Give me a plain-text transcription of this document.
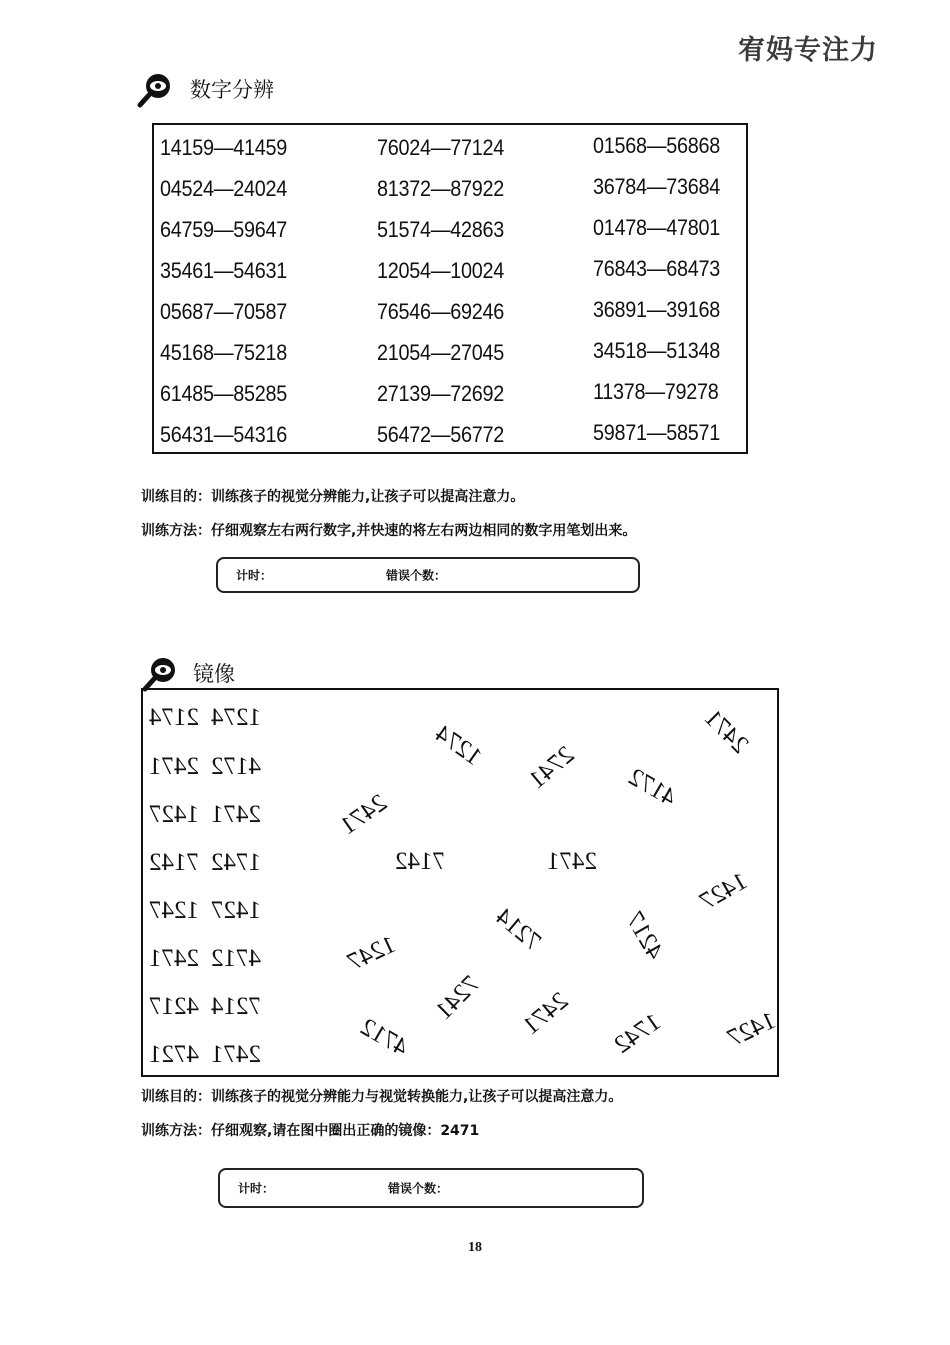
宥妈专注力
数字分辨
14159—41459	76024—77124	01568—56868
04524—24024	81372—87922	36784—73684
64759—59647	51574—42863	01478—47801
35461—54631	12054—10024	76843—68473
05687—70587	76546—69246	36891—39168
45168—75218	21054—27045	34518—51348
61485—85285	27139—72692	11378—79278
56431—54316	56472—56772	59871—58571
训练目的：训练孩子的视觉分辨能力,让孩子可以提高注意力。
训练方法：仔细观察左右两行数字,并快速的将左右两边相同的数字用笔划出来。
计时：	错误个数：
镜像
2174 1274
2471 4172
1427 2471
7142 1742
1247 1427
2471 4712
4217 7214
4721 2471
1274	2471
2741 4172
2471
7142	2471
1427
7214	4217
1247
7241 2471 1742 1427
4712
训练目的：训练孩子的视觉分辨能力与视觉转换能力,让孩子可以提高注意力。
训练方法：仔细观察,请在图中圈出正确的镜像：2471
计时：	错误个数：
18
